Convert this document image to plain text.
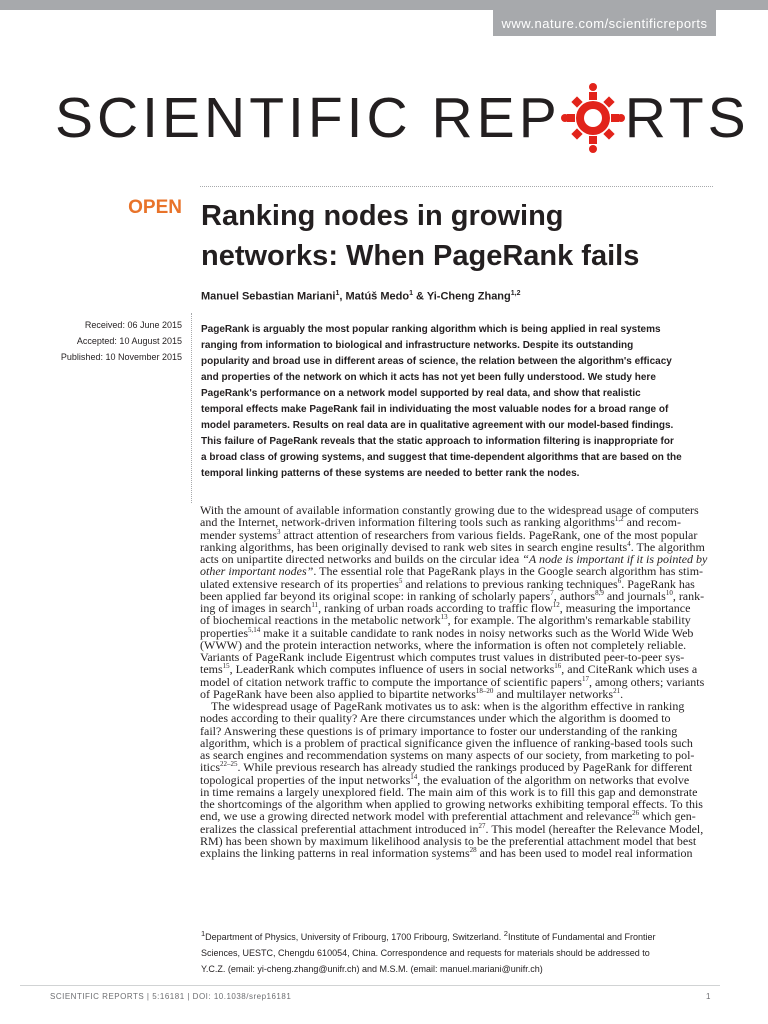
www.nature.com/scientificreports
SCIENTIFIC REP RTS
OPEN Ranking nodes in growing
networks: When PageRank fails
Manuel Sebastian Mariani$^1$, Matúš Medo$^1$ & Yi-Cheng Zhang$^{1,2}$
Received: 06 June 2015
Accepted: 10 August 2015
Published: 10 November 2015
PageRank is arguably the most popular ranking algorithm which is being applied in real systems
ranging from information to biological and infrastructure networks. Despite its outstanding
popularity and broad use in different areas of science, the relation between the algorithm's efficacy
and properties of the network on which it acts has not yet been fully understood. We study here
PageRank's performance on a network model supported by real data, and show that realistic
temporal effects make PageRank fail in individuating the most valuable nodes for a broad range of
model parameters. Results on real data are in qualitative agreement with our model-based findings.
This failure of PageRank reveals that the static approach to information filtering is inappropriate for
a broad class of growing systems, and suggest that time-dependent algorithms that are based on the
temporal linking patterns of these systems are needed to better rank the nodes.
With the amount of available information constantly growing due to the widespread usage of computers
and the Internet, network-driven information filtering tools such as ranking algorithms$^{1,2}$ and recom-
mender systems$^3$ attract attention of researchers from various fields. PageRank, one of the most popular
ranking algorithms, has been originally devised to rank web sites in search engine results$^4$. The algorithm
acts on unipartite directed networks and builds on the circular idea “A node is important if it is pointed by
other important nodes”. The essential role that PageRank plays in the Google search algorithm has stim-
ulated extensive research of its properties$^5$ and relations to previous ranking techniques$^6$. PageRank has
been applied far beyond its original scope: in ranking of scholarly papers$^7$, authors$^{8,9}$ and journals$^{10}$, rank-
ing of images in search$^{11}$, ranking of urban roads according to traffic flow$^{12}$, measuring the importance
of biochemical reactions in the metabolic network$^{13}$, for example. The algorithm's remarkable stability
properties$^{5,14}$ make it a suitable candidate to rank nodes in noisy networks such as the World Wide Web
(WWW) and the protein interaction networks, where the information is often not completely reliable.
Variants of PageRank include Eigentrust which computes trust values in distributed peer-to-peer sys-
tems$^{15}$, LeaderRank which computes influence of users in social networks$^{16}$, and CiteRank which uses a
model of citation network traffic to compute the importance of scientific papers$^{17}$, among others; variants
of PageRank have been also applied to bipartite networks$^{18-20}$ and multilayer networks$^{21}$.
The widespread usage of PageRank motivates us to ask: when is the algorithm effective in ranking
nodes according to their quality? Are there circumstances under which the algorithm is doomed to
fail? Answering these questions is of primary importance to foster our understanding of the ranking
algorithm, which is a problem of practical significance given the influence of ranking-based tools such
as search engines and recommendation systems on many aspects of our society, from marketing to pol-
itics$^{22-25}$. While previous research has already studied the rankings produced by PageRank for different
topological properties of the input networks$^{14}$, the evaluation of the algorithm on networks that evolve
in time remains a largely unexplored field. The main aim of this work is to fill this gap and demonstrate
the shortcomings of the algorithm when applied to growing networks exhibiting temporal effects. To this
end, we use a growing directed network model with preferential attachment and relevance$^{26}$ which gen-
eralizes the classical preferential attachment introduced $in^{27}$. This model (hereafter the Relevance Model,
RM) has been shown by maximum likelihood analysis to be the preferential attachment model that best
explains the linking patterns in real information systems$^{28}$ and has been used to model real information
$^1$Department of Physics, University of Fribourg, 1700 Fribourg, Switzerland. $^2$Institute of Fundamental and Frontier
Sciences, UESTC, Chengdu 610054, China. Correspondence and requests for materials should be addressed to
Y.C.Z. (email: yi-cheng.zhang@unifr.ch) and M.S.M. (email: manuel.mariani@unifr.ch)
SCIENTIFIC REPORTS | 5:16181 | DOI: 10.1038/srep16181	1
